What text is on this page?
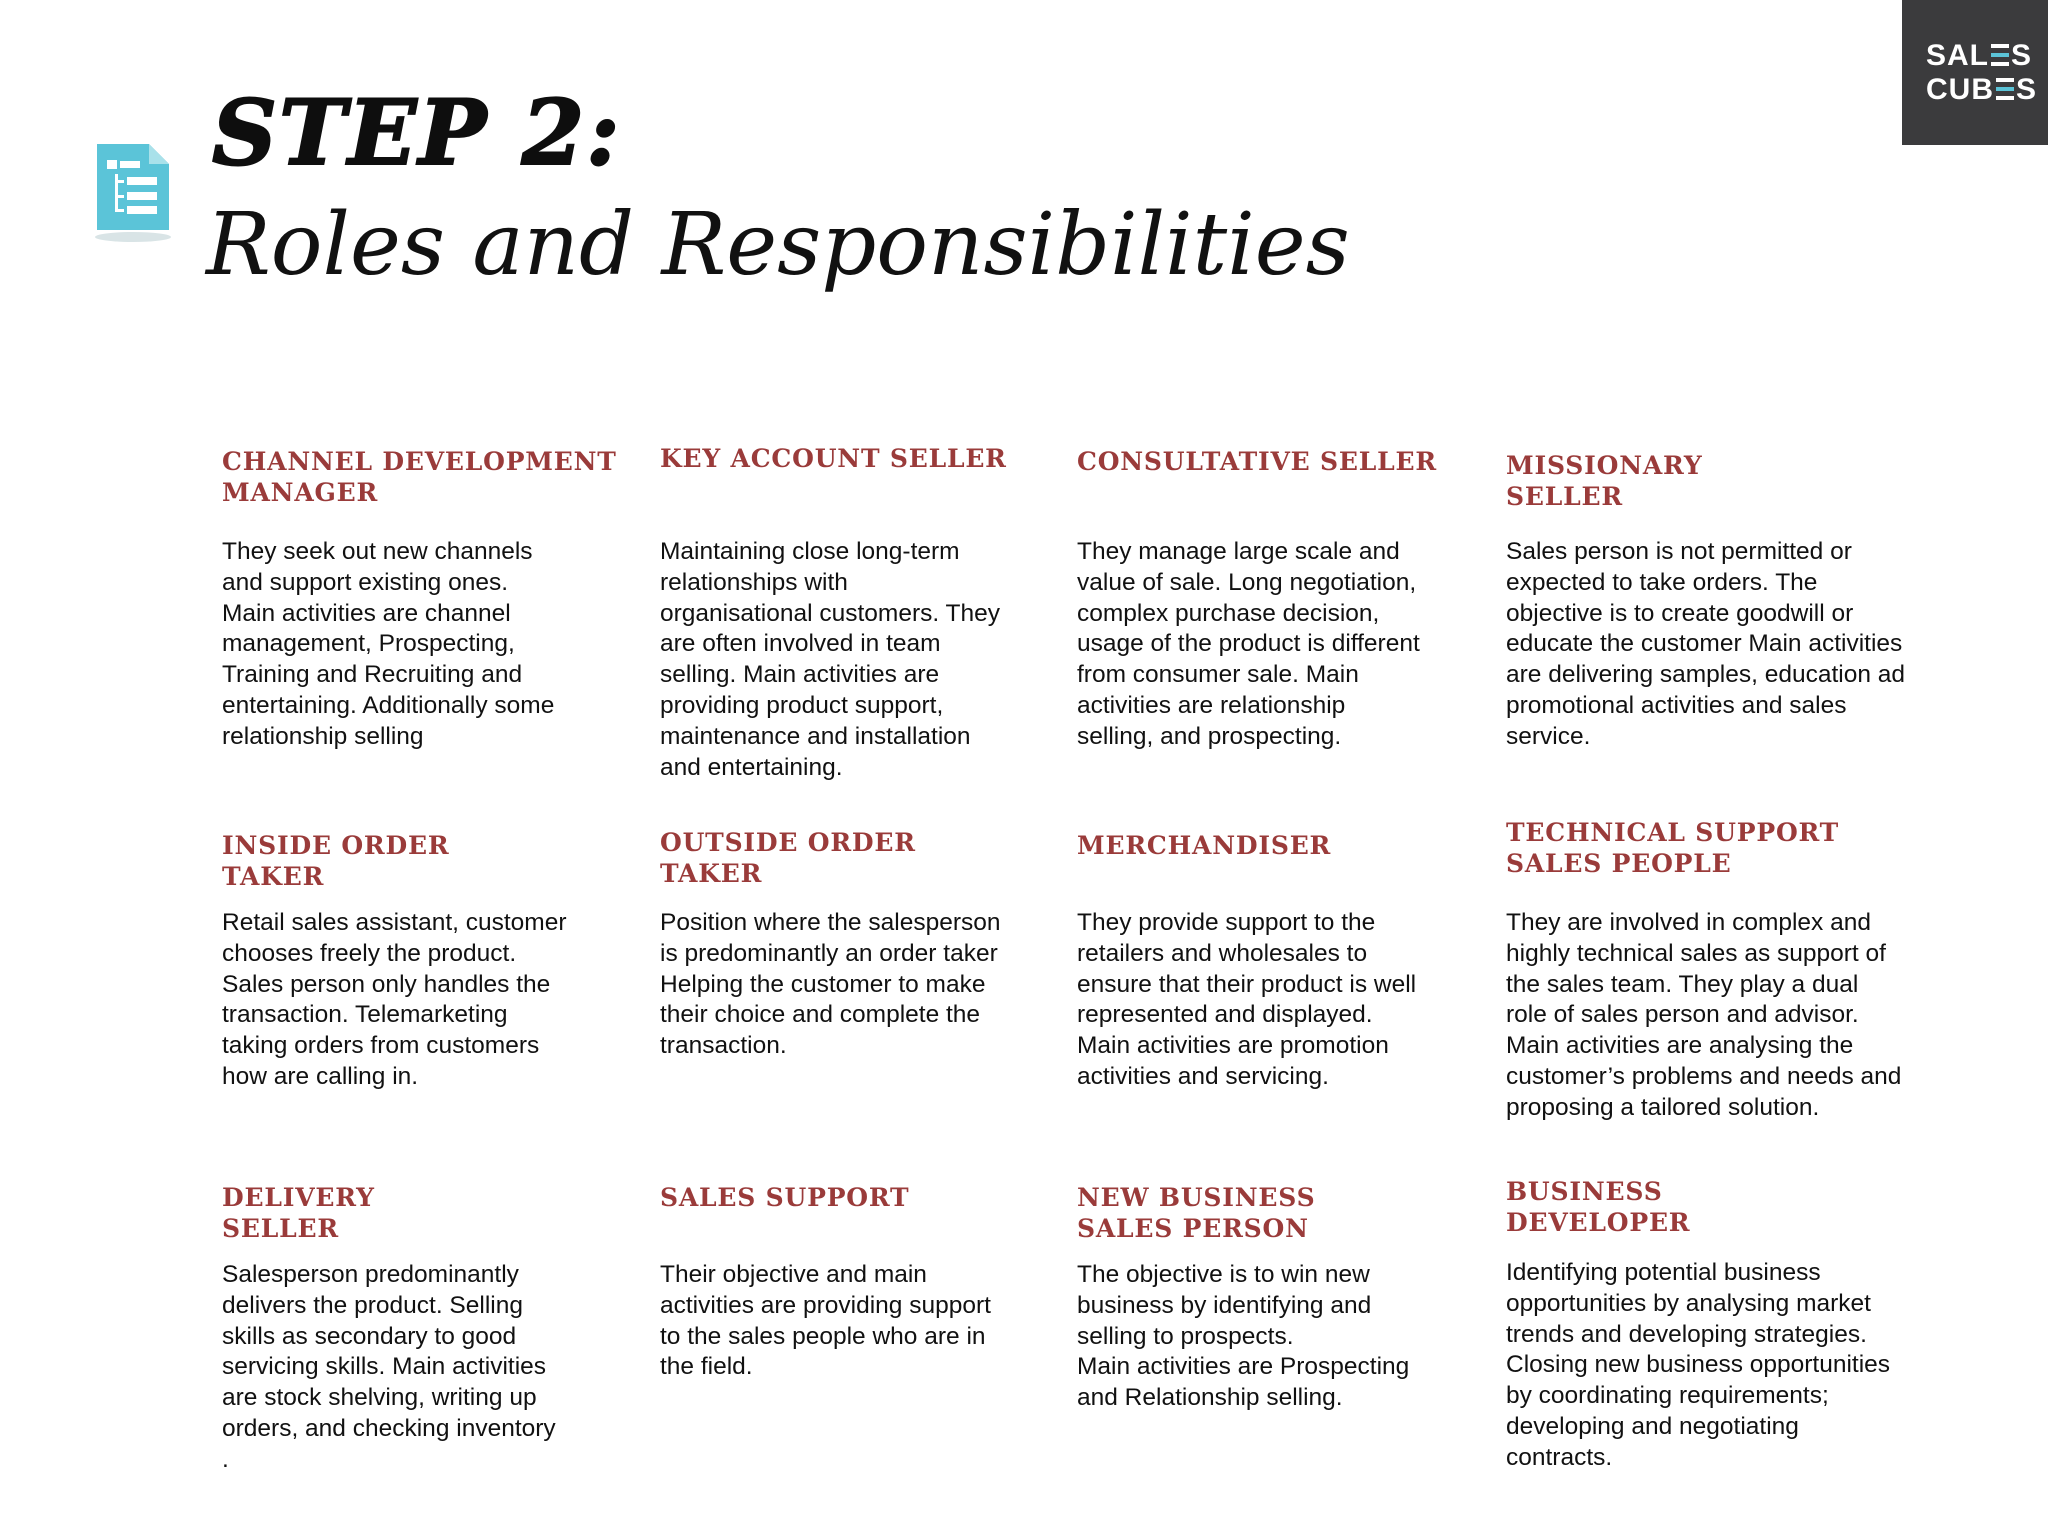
STEP 2:
Roles and Responsibilities
SAL S
CUB S
CHANNEL DEVELOPMENT
MANAGER

They seek out new channels
and support existing ones.
Main activities are channel
management, Prospecting,
Training and Recruiting and
entertaining. Additionally some
relationship selling

KEY ACCOUNT SELLER

Maintaining close long-term
relationships with
organisational customers. They
are often involved in team
selling. Main activities are
providing product support,
maintenance and installation
and entertaining.

CONSULTATIVE SELLER

They manage large scale and
value of sale. Long negotiation,
complex purchase decision,
usage of the product is different
from consumer sale. Main
activities are relationship
selling, and prospecting.

MISSIONARY
SELLER

Sales person is not permitted or
expected to take orders. The
objective is to create goodwill or
educate the customer Main activities
are delivering samples, education ad
promotional activities and sales
service.

INSIDE ORDER
TAKER

Retail sales assistant, customer
chooses freely the product.
Sales person only handles the
transaction. Telemarketing
taking orders from customers
how are calling in.

OUTSIDE ORDER
TAKER

Position where the salesperson
is predominantly an order taker
Helping the customer to make
their choice and complete the
transaction.

MERCHANDISER

They provide support to the
retailers and wholesales to
ensure that their product is well
represented and displayed.
Main activities are promotion
activities and servicing.

TECHNICAL SUPPORT
SALES PEOPLE

They are involved in complex and
highly technical sales as support of
the sales team. They play a dual
role of sales person and advisor.
Main activities are analysing the
customer’s problems and needs and
proposing a tailored solution.

DELIVERY
SELLER

Salesperson predominantly
delivers the product. Selling
skills as secondary to good
servicing skills. Main activities
are stock shelving, writing up
orders, and checking inventory
.

SALES SUPPORT

Their objective and main
activities are providing support
to the sales people who are in
the field.

NEW BUSINESS
SALES PERSON

The objective is to win new
business by identifying and
selling to prospects.
Main activities are Prospecting
and Relationship selling.

BUSINESS
DEVELOPER

Identifying potential business
opportunities by analysing market
trends and developing strategies.
Closing new business opportunities
by coordinating requirements;
developing and negotiating
contracts.
